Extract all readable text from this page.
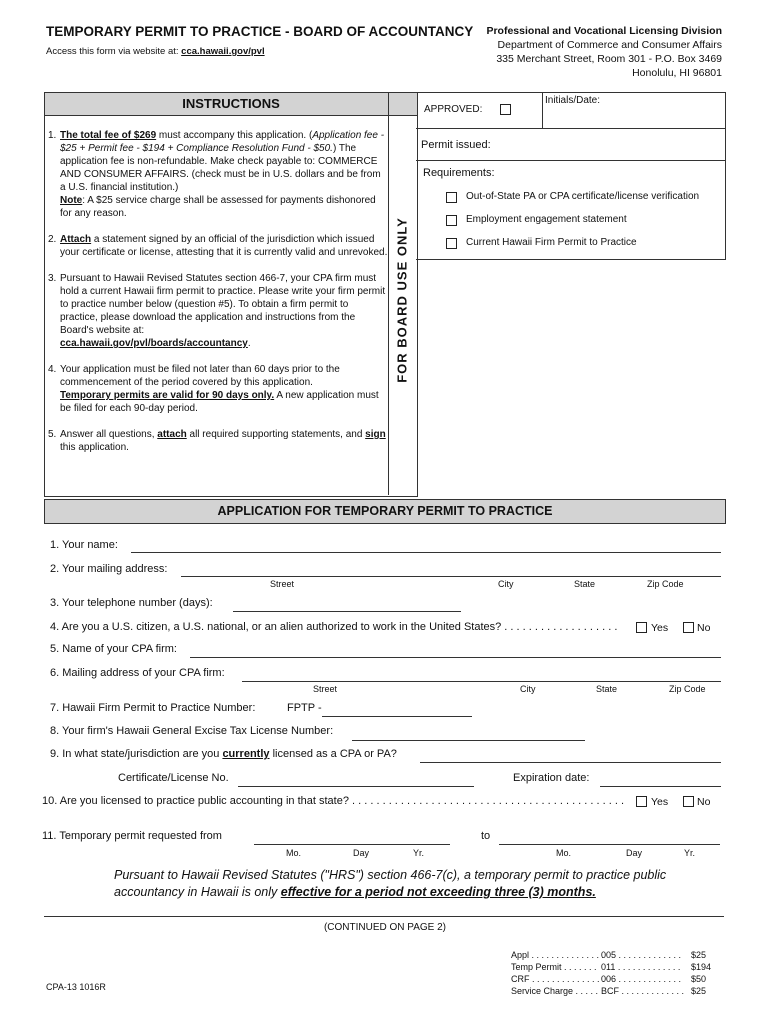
TEMPORARY PERMIT TO PRACTICE - BOARD OF ACCOUNTANCY
Access this form via website at: cca.hawaii.gov/pvl
Professional and Vocational Licensing Division
Department of Commerce and Consumer Affairs
335 Merchant Street, Room 301 - P.O. Box 3469
Honolulu, HI 96801
INSTRUCTIONS
1. The total fee of $269 must accompany this application. (Application fee - $25 + Permit fee - $194 + Compliance Resolution Fund - $50.) The application fee is non-refundable. Make check payable to: COMMERCE AND CONSUMER AFFAIRS. (check must be in U.S. dollars and be from a U.S. financial institution.)
Note: A $25 service charge shall be assessed for payments dishonored for any reason.
2. Attach a statement signed by an official of the jurisdiction which issued your certificate or license, attesting that it is currently valid and unrevoked.
3. Pursuant to Hawaii Revised Statutes section 466-7, your CPA firm must hold a current Hawaii firm permit to practice. Please write your firm permit to practice number below (question #5). To obtain a firm permit to practice, please download the application and instructions from the Board's website at:
cca.hawaii.gov/pvl/boards/accountancy.
4. Your application must be filed not later than 60 days prior to the commencement of the period covered by this application.
Temporary permits are valid for 90 days only. A new application must be filed for each 90-day period.
5. Answer all questions, attach all required supporting statements, and sign this application.
FOR BOARD USE ONLY
APPROVED:
Initials/Date:
Permit issued:
Requirements:
Out-of-State PA or CPA certificate/license verification
Employment engagement statement
Current Hawaii Firm Permit to Practice
APPLICATION FOR TEMPORARY PERMIT TO PRACTICE
1. Your name:
2. Your mailing address:
Street	City	State	Zip Code
3. Your telephone number (days):
4. Are you a U.S. citizen, a U.S. national, or an alien authorized to work in the United States? . . . . . . . . . . . . . . . . . . .	Yes	No
5. Name of your CPA firm:
6. Mailing address of your CPA firm:
Street	City	State	Zip Code
7. Hawaii Firm Permit to Practice Number:	FPTP -
8. Your firm's Hawaii General Excise Tax License Number:
9. In what state/jurisdiction are you currently licensed as a CPA or PA?
Certificate/License No.	Expiration date:
10. Are you licensed to practice public accounting in that state? . . . . . . . . . . . . . . . . . . . . . . . . . . . . . . . . . . . . . . . . . . . . .	Yes	No
11. Temporary permit requested from	to
Mo.	Day	Yr.	Mo.	Day	Yr.
Pursuant to Hawaii Revised Statutes ("HRS") section 466-7(c), a temporary permit to practice public accountancy in Hawaii is only effective for a period not exceeding three (3) months.
(CONTINUED ON PAGE 2)
CPA-13 1016R
Appl . . . . . . . . . . . . . . .005 . . . . . . . . . . . . . $25
Temp Permit . . . . . . . 011 . . . . . . . . . . . . . $194
CRF . . . . . . . . . . . . . . .006 . . . . . . . . . . . . . $50
Service Charge . . . . . BCF . . . . . . . . . . . . . $25
